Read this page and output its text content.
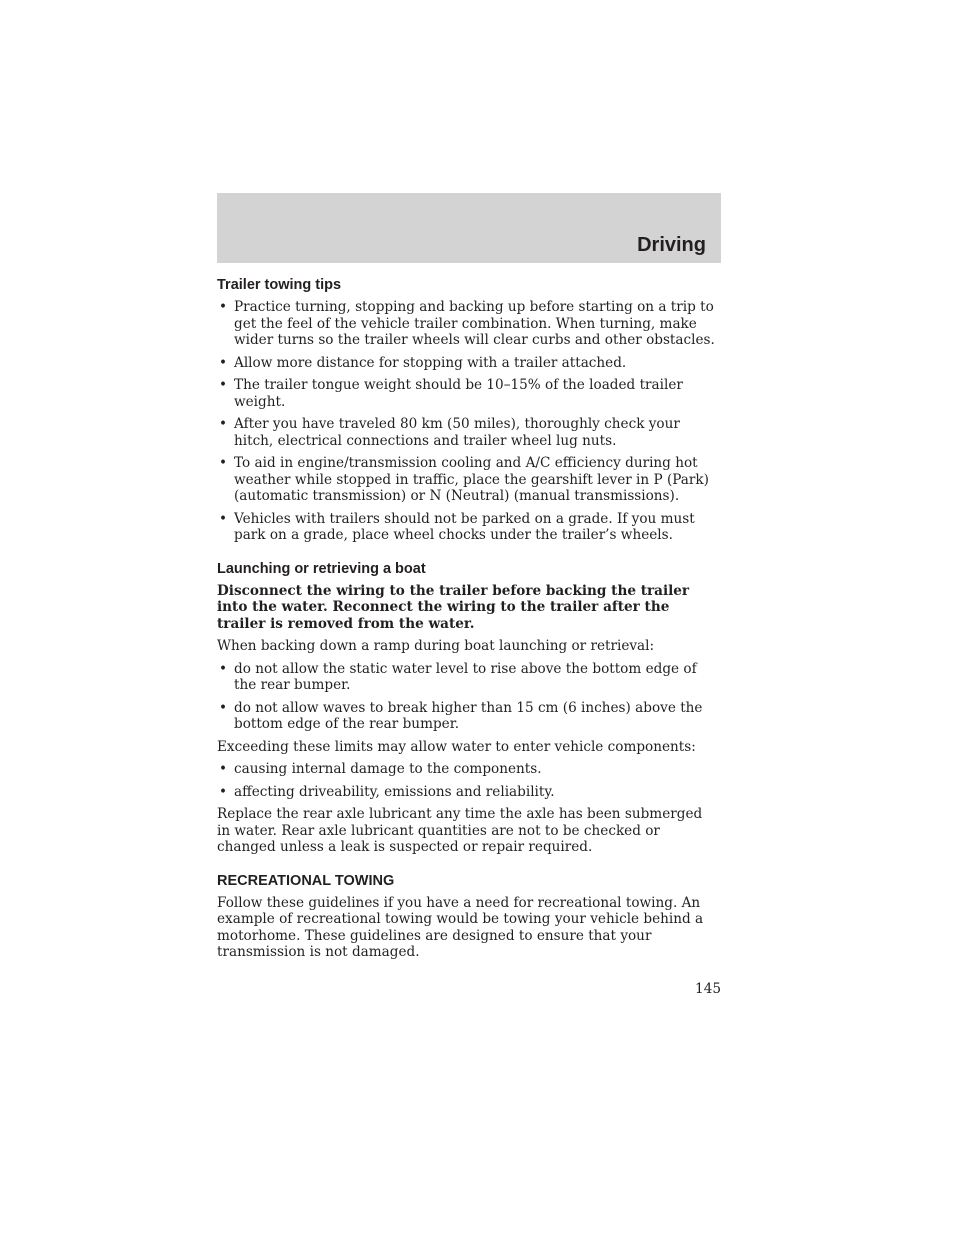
Driving
Trailer towing tips
• Practice turning, stopping and backing up before starting on a trip to get the feel of the vehicle trailer combination. When turning, make wider turns so the trailer wheels will clear curbs and other obstacles.
• Allow more distance for stopping with a trailer attached.
• The trailer tongue weight should be 10–15% of the loaded trailer weight.
• After you have traveled 80 km (50 miles), thoroughly check your hitch, electrical connections and trailer wheel lug nuts.
• To aid in engine/transmission cooling and A/C efficiency during hot weather while stopped in traffic, place the gearshift lever in P (Park) (automatic transmission) or N (Neutral) (manual transmissions).
• Vehicles with trailers should not be parked on a grade. If you must park on a grade, place wheel chocks under the trailer’s wheels.
Launching or retrieving a boat

Disconnect the wiring to the trailer before backing the trailer into the water. Reconnect the wiring to the trailer after the trailer is removed from the water.

When backing down a ramp during boat launching or retrieval:

• do not allow the static water level to rise above the bottom edge of the rear bumper.
• do not allow waves to break higher than 15 cm (6 inches) above the bottom edge of the rear bumper.

Exceeding these limits may allow water to enter vehicle components:

• causing internal damage to the components.
• affecting driveability, emissions and reliability.

Replace the rear axle lubricant any time the axle has been submerged in water. Rear axle lubricant quantities are not to be checked or changed unless a leak is suspected or repair required.

RECREATIONAL TOWING

Follow these guidelines if you have a need for recreational towing. An example of recreational towing would be towing your vehicle behind a motorhome. These guidelines are designed to ensure that your transmission is not damaged.

145
